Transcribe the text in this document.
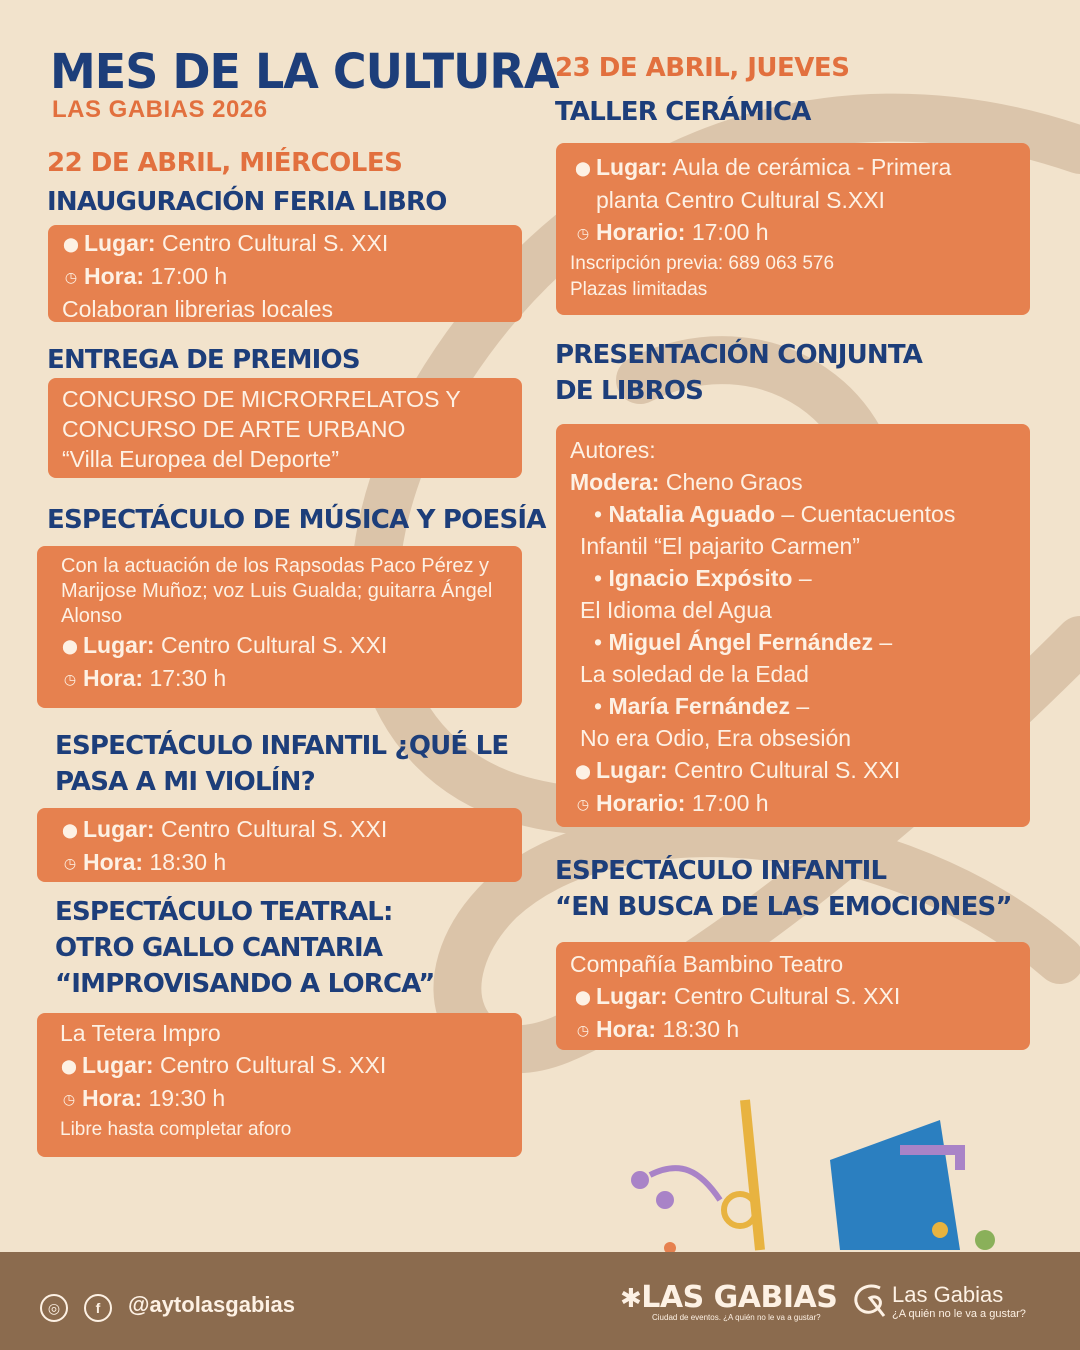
MES DE LA CULTURA
LAS GABIAS 2026
22 DE ABRIL, MIÉRCOLES
INAUGURACIÓN FERIA LIBRO
⬤ Lugar: Centro Cultural S. XXI
◷ Hora: 17:00 h
Colaboran librerias locales
ENTREGA DE PREMIOS
CONCURSO DE MICRORRELATOS Y
CONCURSO DE ARTE URBANO
“Villa Europea del Deporte”
ESPECTÁCULO DE MÚSICA Y POESÍA
Con la actuación de los Rapsodas Paco Pérez y Marijose Muñoz; voz Luis Gualda; guitarra Ángel Alonso
⬤ Lugar: Centro Cultural S. XXI
◷ Hora: 17:30 h
ESPECTÁCULO INFANTIL ¿QUÉ LE
PASA A MI VIOLÍN?
⬤ Lugar: Centro Cultural S. XXI
◷ Hora: 18:30 h
ESPECTÁCULO TEATRAL:
OTRO GALLO CANTARIA
“IMPROVISANDO A LORCA”
La Tetera Impro
⬤ Lugar: Centro Cultural S. XXI
◷ Hora: 19:30 h
Libre hasta completar aforo
23 DE ABRIL, JUEVES
TALLER CERÁMICA
⬤ Lugar: Aula de cerámica - Primera
planta Centro Cultural S.XXI
◷ Horario: 17:00 h
Inscripción previa: 689 063 576
Plazas limitadas
PRESENTACIÓN CONJUNTA
DE LIBROS
Autores:
Modera: Cheno Graos
• Natalia Aguado – Cuentacuentos
Infantil “El pajarito Carmen”
• Ignacio Expósito –
El Idioma del Agua
• Miguel Ángel Fernández –
La soledad de la Edad
• María Fernández –
No era Odio, Era obsesión
⬤ Lugar: Centro Cultural S. XXI
◷ Horario: 17:00 h
ESPECTÁCULO INFANTIL
“EN BUSCA DE LAS EMOCIONES”
Compañía Bambino Teatro
⬤ Lugar: Centro Cultural S. XXI
◷ Hora: 18:30 h
◎	f	@aytolasgabias	✱LAS GABIAS
Ciudad de eventos. ¿A quién no le va a gustar?
Las Gabias
¿A quién no le va a gustar?
